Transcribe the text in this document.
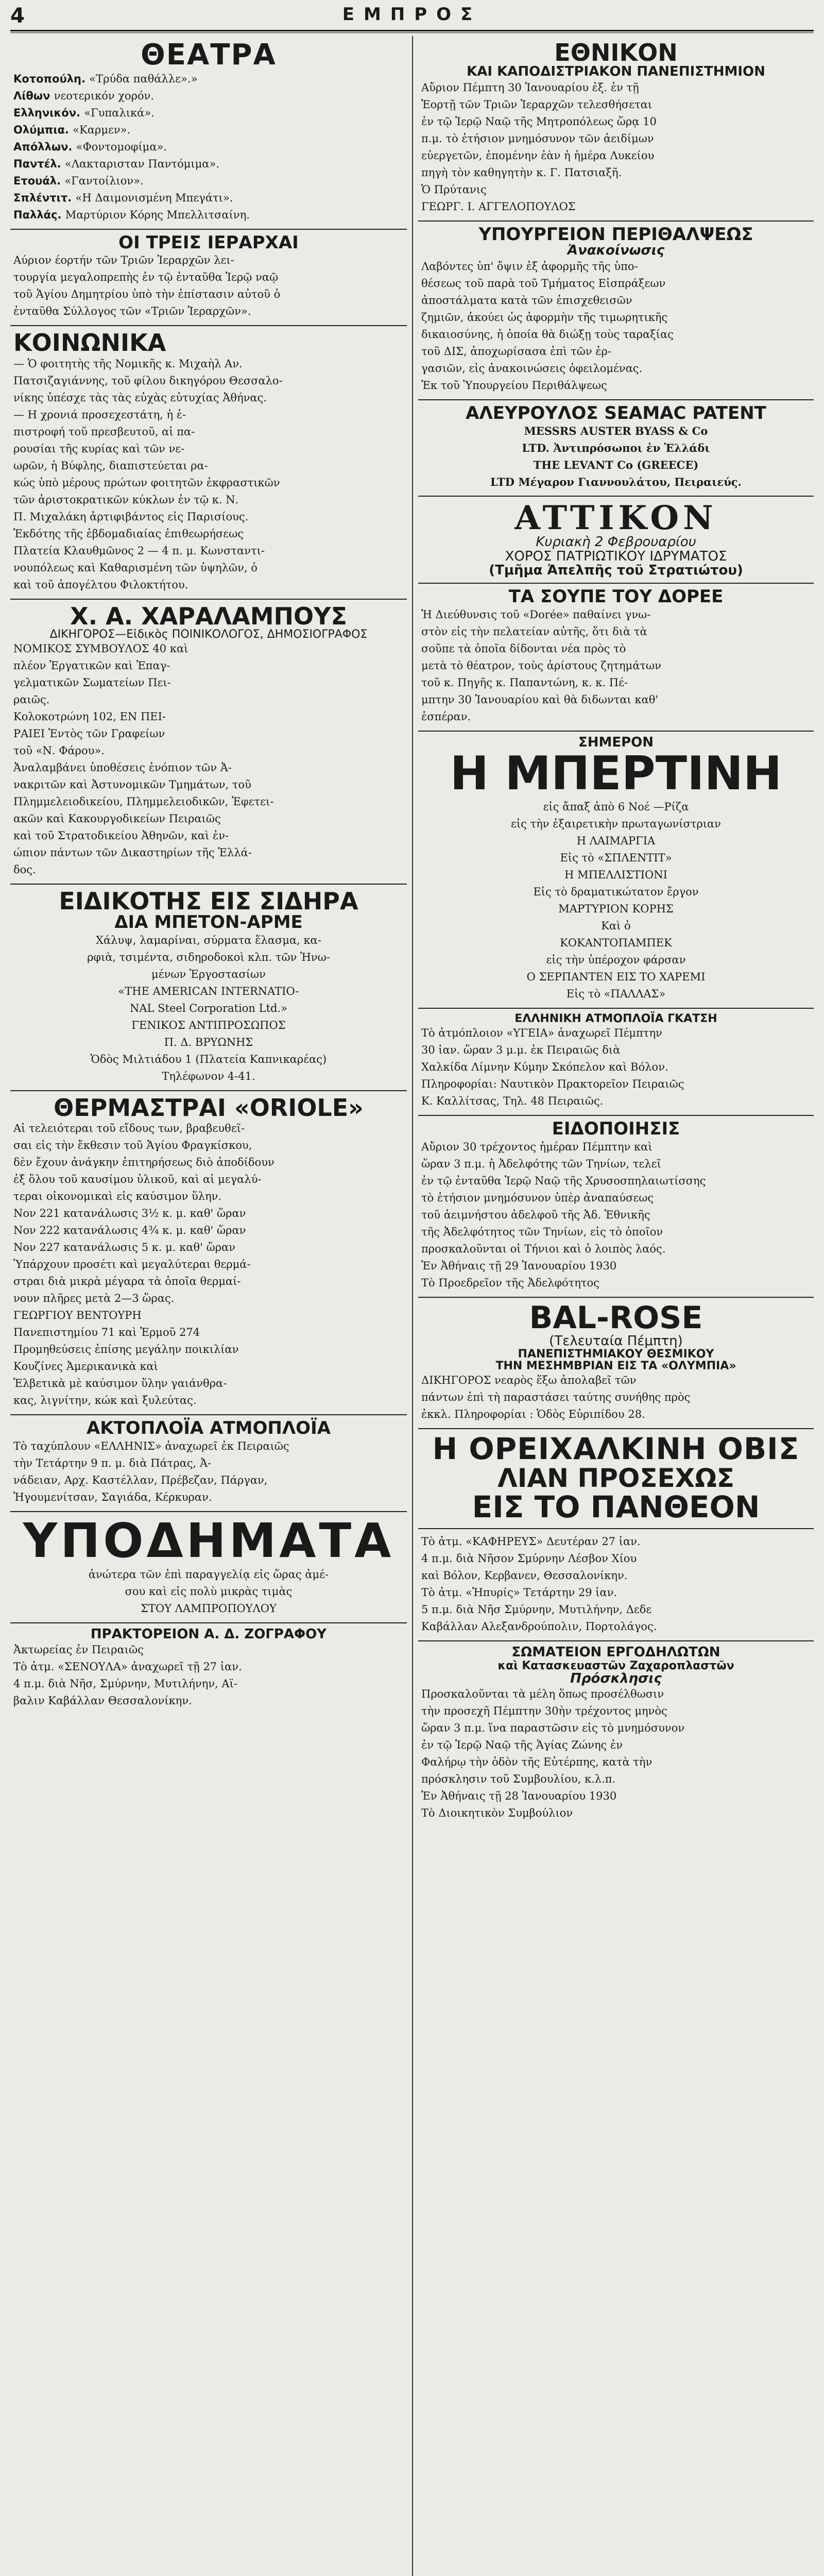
4	ΕΜΠΡΟΣ
ΘΕΑΤΡΑ
Κοτοπούλη. «Τρύδα παθάλλε».»
Λίθων νεοτερικόν χορόν.
Ελληνικόν. «Γυπαλικά».
Ολύμπια. «Καρμεν».
Απόλλων. «Φοντομοφίμα».
Παντέλ. «Λακταρισταν Παντόμιμα».
Ετουάλ. «Γαντοίλιον».
Σπλέντιτ. «Η Δαιμονισμένη Μπεγάτι».
Παλλάς. Μαρτύριον Κόρης Μπελλιτσαίνη.
ΟΙ ΤΡΕΙΣ ΙΕΡΑΡΧΑΙ
Αύριον έορτήν τῶν Τριῶν Ἱεραρχῶν λει-
τουργία μεγαλοπρεπὴς ἐν τῷ ἐνταῦθα Ἱερῷ ναῷ
τοῦ Ἁγίου Δημητρίου ὑπὸ τὴν ἐπίστασιν αὐτοῦ ὁ
ἐνταῦθα Σύλλογος τῶν «Τριῶν Ἱεραρχῶν».
ΚΟΙΝΩΝΙΚΑ
— Ὁ φοιτητὴς τῆς Νομικῆς κ. Μιχαὴλ Αν.
Πατσιζαγιάννης, τοῦ φίλου δικηγόρου Θεσσαλο-
νίκης ὑπέσχε τὰς τὰς εὐχὰς εὐτυχίας Ἀθήνας.
— Η χρονιά προσεχεστάτη, ἡ ἐ-
πιστροφή τοῦ πρεσβευτοῦ, αἱ πα-
ρουσίαι τῆς κυρίας καὶ τῶν νε-
ωρῶν, ἡ Βύφλης, διαπιστεύεται ρα-
κώς ὑπὸ μέρους πρώτων φοιτητῶν ἐκφραστικῶν
τῶν ἀριστοκρατικῶν κύκλων ἐν τῷ κ. Ν.
Π. Μιχαλάκη ἀρτιφιβάντος εἰς Παρισίους.
Ἐκδότης τῆς ἐβδομαδιαίας ἐπιθεωρήσεως
Πλατεία Κλαυθμῶνος 2 — 4 π. μ. Κωνσταντι-
νουπόλεως καὶ Καθαρισμένη τῶν ὑψηλῶν, ὁ
καὶ τοῦ ἀπογέλτου Φιλοκτήτου.
Χ. Α. ΧΑΡΑΛΑΜΠΟΥΣ
ΔΙΚΗΓΟΡΟΣ—Εἰδικὸς ΠΟΙΝΙΚΟΛΟΓΟΣ, ΔΗΜΟΣΙΟΓΡΑΦΟΣ
ΝΟΜΙΚΟΣ ΣΥΜΒΟΥΛΟΣ 40 καὶ
πλέον Ἐργατικῶν καὶ Ἐπαγ-
γελματικῶν Σωματείων Πει-
ραιῶς.
Κολοκοτρώνη 102, ΕΝ ΠΕΙ-
ΡΑΙΕΙ Ἐντὸς τῶν Γραφείων
τοῦ «Ν. Φάρου».
Ἀναλαμβάνει ὑποθέσεις ἐνόπιον τῶν Ἀ-
νακριτῶν καὶ Ἀστυνομικῶν Τμημάτων, τοῦ
Πλημμελειοδικείου, Πλημμελειοδικῶν, Ἐφετει-
ακῶν καὶ Κακουργοδικείων Πειραιῶς
καὶ τοῦ Στρατοδικείου Ἀθηνῶν, καὶ ἐν-
ώπιον πάντων τῶν Δικαστηρίων τῆς Ἑλλά-
δος.
ΕΙΔΙΚΟΤΗΣ ΕΙΣ ΣΙΔΗΡΑ
ΔΙΑ ΜΠΕΤΟΝ-ΑΡΜΕ
Χάλυψ, λαμαρίναι, σύρματα ἕλασμα, κα-
ρφιὰ, τσιμέντα, σιδηροδοκοὶ κλπ. τῶν Ἡνω-
μένων Ἐργοστασίων
«THE AMERICAN INTERNATIO-
NAL Steel Corporation Ltd.»
ΓΕΝΙΚΟΣ ΑΝΤΙΠΡΟΣΩΠΟΣ
Π. Δ. ΒΡΥΩΝΗΣ
Ὁδὸς Μιλτιάδου 1 (Πλατεία Καπνικαρέας)
Τηλέφωνον 4-41.
ΘΕΡΜΑΣΤΡΑΙ «ORIOLE»
Αἱ τελειότεραι τοῦ εἴδους των, βραβευθεῖ-
σαι εἰς τὴν ἔκθεσιν τοῦ Ἁγίου Φραγκίσκου,
δὲν ἔχουν ἀνάγκην ἐπιτηρήσεως διὸ ἀποδίδουν
ἐξ ὅλου τοῦ καυσίμου ὑλικοῦ, καὶ αἱ μεγαλύ-
τεραι οἰκονομικαὶ εἰς καύσιμον ὕλην.
Νον 221 κατανάλωσις 3½ κ. μ. καθ' ὥραν
Νον 222 κατανάλωσις 4¾ κ. μ. καθ' ὥραν
Νον 227 κατανάλωσις 5 κ. μ. καθ' ὥραν
Ὑπάρχουν προσέτι καὶ μεγαλύτεραι θερμά-
στραι διὰ μικρὰ μέγαρα τὰ ὁποῖα θερμαί-
νουν πλῆρες μετὰ 2—3 ὥρας.
ΓΕΩΡΓΙΟΥ ΒΕΝΤΟΥΡΗ
Πανεπιστημίου 71 καὶ Ἑρμοῦ 274
Προμηθεύσεις ἐπίσης μεγάλην ποικιλίαν
Κουζίνες Ἀμερικανικὰ καὶ
Ἐλβετικὰ μὲ καύσιμον ὕλην γαιάνθρα-
κας, λιγνίτην, κώκ καὶ ξυλεύτας.
ΑΚΤΟΠΛΟΪΑ ΑΤΜΟΠΛΟΪΑ
Τὸ ταχύπλουν «ΕΛΛΗΝΙΣ» ἀναχωρεῖ ἐκ Πειραιῶς
τὴν Τετάρτην 9 π. μ. διὰ Πάτρας, Ἀ-
νάδειαν, Αρχ. Καστέλλαν, Πρέβεζαν, Πάργαν,
Ἡγουμενίτσαν, Σαγιάδα, Κέρκυραν.
ΥΠΟΔΗΜΑΤΑ
ἀνώτερα τῶν ἐπὶ παραγγελίᾳ εἰς ὥρας ἀμέ-
σου καὶ εἰς πολὺ μικρὰς τιμὰς
ΣΤΟΥ ΛΑΜΠΡΟΠΟΥΛΟΥ
ΠΡΑΚΤΟΡΕΙΟΝ Α. Δ. ΖΟΓΡΑΦΟΥ
Ἀκτωρείας ἐν Πειραιῶς
Τὸ ἀτμ. «ΣΕΝΟΥΛΑ» ἀναχωρεῖ τῇ 27 ἰαν.
4 π.μ. διὰ Νῆσ, Σμύρνην, Μυτιλήνην, Αϊ-
βαλιν Καβάλλαν Θεσσαλονίκην.
ΕΘΝΙΚΟΝ
ΚΑΙ ΚΑΠΟΔΙΣΤΡΙΑΚΟΝ ΠΑΝΕΠΙΣΤΗΜΙΟΝ
Αὔριον Πέμπτη 30 Ἰανουαρίου ἐξ. ἐν τῇ
Ἑορτῇ τῶν Τριῶν Ἱεραρχῶν τελεσθήσεται
ἐν τῷ Ἱερῷ Ναῷ τῆς Μητροπόλεως ὥρᾳ 10
π.μ. τὸ ἐτήσιον μνημόσυνον τῶν ἀειδίμων
εὐεργετῶν, ἐπομένην ἐὰν ἡ ἡμέρα Λυκείου
πηγὴ τὸν καθηγητὴν κ. Γ. Πατσιαξῆ.
Ὁ Πρύτανις
ΓΕΩΡΓ. Ι. ΑΓΓΕΛΟΠΟΥΛΟΣ
ΥΠΟΥΡΓΕΙΟΝ ΠΕΡΙΘΑΛΨΕΩΣ
Ἀνακοίνωσις
Λαβόντες ὑπ' ὄψιν ἐξ ἀφορμῆς τῆς ὑπο-
θέσεως τοῦ παρὰ τοῦ Τμήματος Εἰσπράξεων
ἀποστάλματα κατὰ τῶν ἐπισχεθεισῶν
ζημιῶν, ἀκούει ὡς ἀφορμὴν τῆς τιμωρητικῆς
δικαιοσύνης, ἡ ὁποία θὰ διώξῃ τοὺς ταραξίας
τοῦ ΔΙΣ, ἀποχωρίσασα ἐπὶ τῶν ἐρ-
γασιῶν, εἰς ἀνακοινώσεις ὀφειλομένας.
Ἐκ τοῦ Ὑπουργείου Περιθάλψεως
ΑΛΕΥΡΟΥΛΟΣ SEAMAC PATENT
MESSRS AUSTER BYASS & Co
LTD. Ἀντιπρόσωποι ἐν Ἑλλάδι
THE LEVANT Co (GREECE)
LTD Μέγαρον Γιαννουλάτου, Πειραιεύς.
ATTIKON
Κυριακὴ 2 Φεβρουαρίου
ΧΟΡΟΣ ΠΑΤΡΙΩΤΙΚΟΥ ΙΔΡΥΜΑΤΟΣ
(Τμῆμα Ἀπελπῆς τοῦ Στρατιώτου)
ΤΑ ΣΟΥΠΕ ΤΟΥ ΔΟΡΕΕ
Ἡ Διεύθυνσις τοῦ «Dorée» παθαίνει γνω-
στὸν εἰς τὴν πελατείαν αὐτῆς, ὅτι διὰ τὰ
σοῦπε τὰ ὁποῖα δίδονται νέα πρὸς τὸ
μετὰ τὸ θέατρον, τοὺς ἀρίστους ζητημάτων
τοῦ κ. Πηγῆς κ. Παπαντώνη, κ. κ. Πέ-
μπτην 30 Ἰανουαρίου καὶ θὰ διδωνται καθ'
ἑσπέραν.
ΣΗΜΕΡΟΝ
Η ΜΠΕΡΤΙΝΗ
εἰς ἄπαξ ἀπὸ 6 Νοέ —Ρίζα
εἰς τὴν ἐξαιρετικὴν πρωταγωνίστριαν
Η ΛΑΙΜΑΡΓΙΑ
Εἰς τὸ «ΣΠΛΕΝΤΙΤ»
Η ΜΠΕΛΛΙΣΤΙΟΝΙ
Εἰς τὸ δραματικώτατον ἔργον
ΜΑΡΤΥΡΙΟΝ ΚΟΡΗΣ
Καὶ ὁ
ΚΟΚΑΝΤΟΠΑΜΠΕΚ
εἰς τὴν ὑπέροχον φάρσαν
Ο ΣΕΡΠΑΝΤΕΝ ΕΙΣ ΤΟ ΧΑΡΕΜΙ
Εἰς τὸ «ΠΑΛΛΑΣ»
ΕΛΛΗΝΙΚΗ ΑΤΜΟΠΛΟΪΑ ΓΚΑΤΣΗ
Τὸ ἀτμόπλοιον «ΥΓΕΙΑ» ἀναχωρεῖ Πέμπτην
30 ἰαν. ὥραν 3 μ.μ. ἐκ Πειραιῶς διὰ
Χαλκίδα Λίμνην Κύμην Σκόπελον καὶ Βόλον.
Πληροφορίαι: Ναυτικὸν Πρακτορεῖον Πειραιῶς
Κ. Καλλίτσας, Τηλ. 48 Πειραιῶς.
ΕΙΔΟΠΟΙΗΣΙΣ
Αὔριον 30 τρέχοντος ἡμέραν Πέμπτην καὶ
ὥραν 3 π.μ. ἡ Ἀδελφότης τῶν Τηνίων, τελεῖ
ἐν τῷ ἐνταῦθα Ἱερῷ Ναῷ τῆς Χρυσοσπηλαιωτίσσης
τὸ ἐτήσιον μνημόσυνον ὑπὲρ ἀναπαύσεως
τοῦ ἀειμνήστου ἀδελφοῦ τῆς Ἀδ. Ἐθνικῆς
τῆς Ἀδελφότητος τῶν Τηνίων, εἰς τὸ ὁποῖον
προσκαλοῦνται οἱ Τήνιοι καὶ ὁ λοιπὸς λαός.
Ἐν Ἀθήναις τῇ 29 Ἰανουαρίου 1930
Τὸ Προεδρεῖον τῆς Ἀδελφότητος
BAL-ROSE
(Τελευταία Πέμπτη)
ΠΑΝΕΠΙΣΤΗΜΙΑΚΟΥ ΘΕΣΜΙΚΟΥ
ΤΗΝ ΜΕΣΗΜΒΡΙΑΝ ΕΙΣ ΤΑ «ΟΛΥΜΠΙΑ»
ΔΙΚΗΓΟΡΟΣ νεαρὸς ἕξω ἀπολαβεῖ τῶν
πάντων ἐπὶ τὴ παραστάσει ταύτης συνήθης πρὸς
ἐκκλ. Πληροφορίαι : Ὁδὸς Εὐριπίδου 28.
Η ΟΡΕΙΧΑΛΚΙΝΗ ΟΒΙΣ
ΛΙΑΝ ΠΡΟΣΕΧΩΣ
ΕΙΣ ΤΟ ΠΑΝΘΕΟΝ
Τὸ ἀτμ. «ΚΑΦΗΡΕΥΣ» Δευτέραν 27 ἰαν.
4 π.μ. διὰ Νῆσον Σμύρνην Λέσβον Χίου
καὶ Βόλον, Κερβανεν, Θεσσαλονίκην.
Τὸ ἀτμ. «Ἡπυρίς» Τετάρτην 29 ἰαν.
5 π.μ. διὰ Νῆσ Σμύρνην, Μυτιλήνην, Δεδε
Καβάλλαν Αλεξανδρούπολιν, Πορτολάγος.
ΣΩΜΑΤΕΙΟΝ ΕΡΓΟΔΗΛΩΤΩΝ
καὶ Κατασκευαστῶν Ζαχαροπλαστῶν
Πρόσκλησις
Προσκαλοῦνται τὰ μέλη ὅπως προσέλθωσιν
τὴν προσεχῆ Πέμπτην 30ὴν τρέχοντος μηνὸς
ὥραν 3 π.μ. ἵνα παραστῶσιν εἰς τὸ μνημόσυνον
ἐν τῷ Ἱερῷ Ναῷ τῆς Ἁγίας Ζώνης ἐν
Φαλήρῳ τὴν ὁδὸν τῆς Εὐτέρπης, κατὰ τὴν
πρόσκλησιν τοῦ Συμβουλίου, κ.λ.π.
Ἐν Ἀθήναις τῇ 28 Ἰανουαρίου 1930
Τὸ Διοικητικὸν Συμβούλιον
